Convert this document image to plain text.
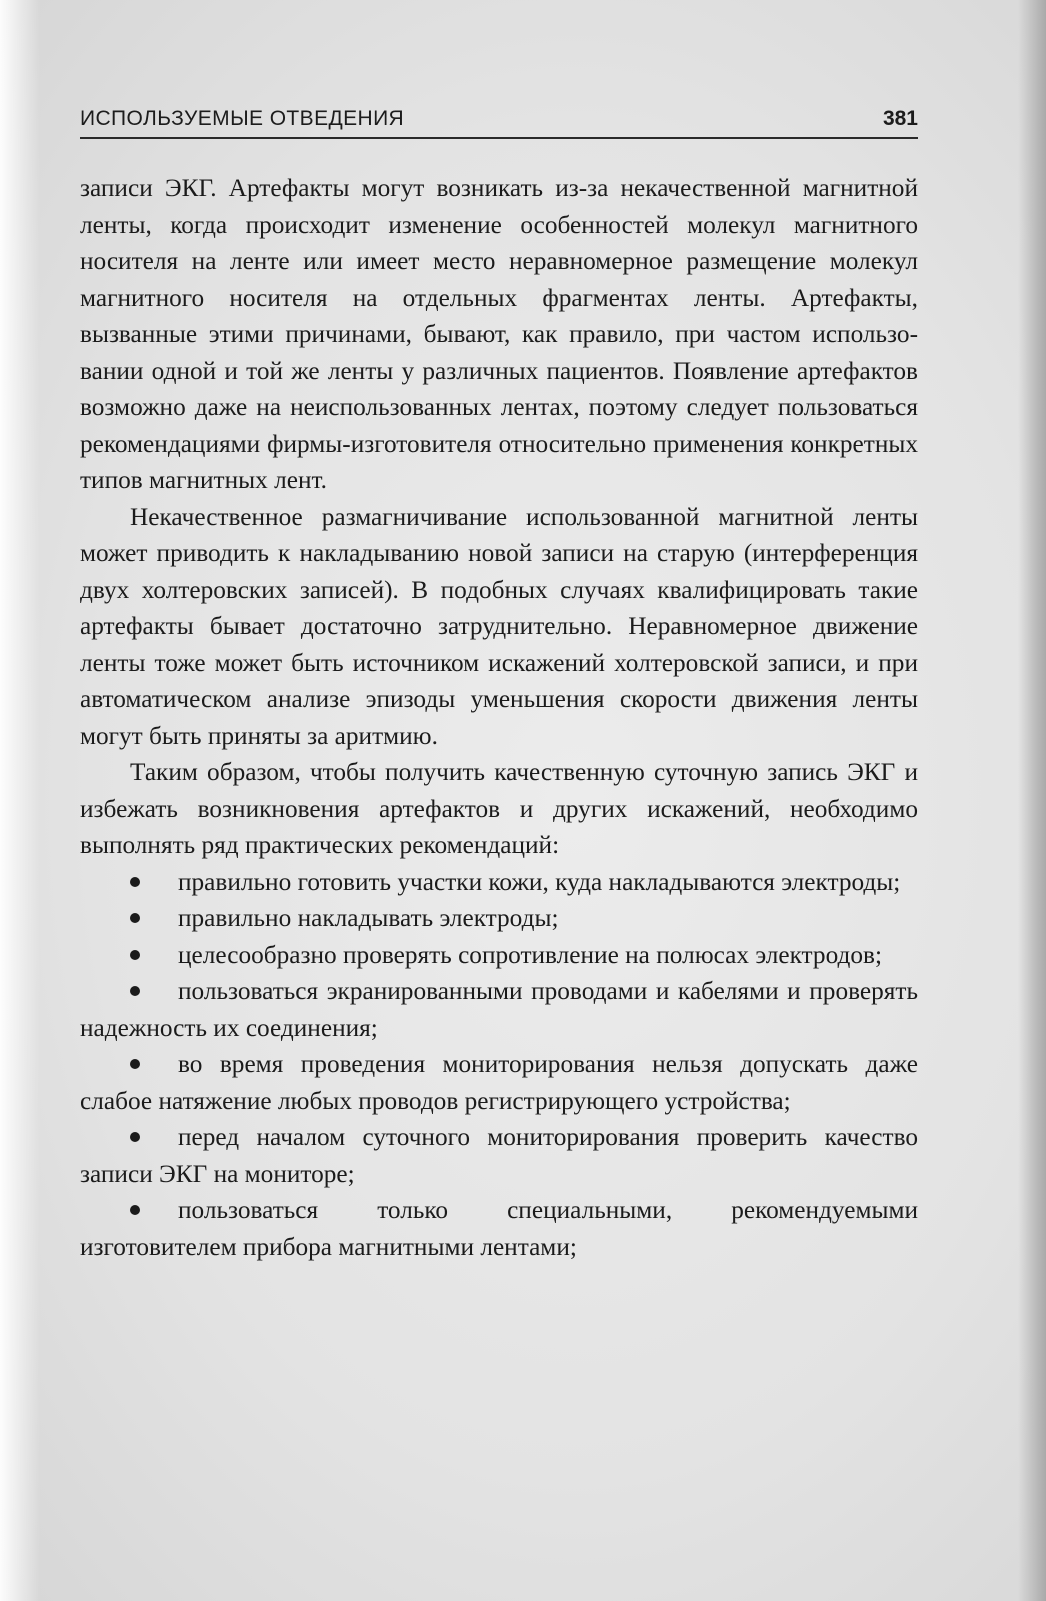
ИСПОЛЬЗУЕМЫЕ ОТВЕДЕНИЯ	381

записи ЭКГ. Артефакты могут возникать из-за некачественной магнитной ленты, когда происходит изменение особенностей молекул магнитного носителя на ленте или имеет место неравномерное размещение молекул магнитного носителя на отдельных фрагментах ленты. Артефакты, вызванные этими причинами, бывают, как правило, при частом использовании одной и той же ленты у различных пациентов. Появление артефактов возможно даже на неиспользованных лентах, поэтому следует пользоваться рекомендациями фирмы-изготовителя относительно применения конкретных типов магнитных лент.

Некачественное размагничивание использованной магнитной ленты может приводить к накладыванию новой записи на старую (интерференция двух холтеровских записей). В подобных случаях квалифицировать такие артефакты бывает достаточно затруднительно. Неравномерное движение ленты тоже может быть источником искажений холтеровской записи, и при автоматическом анализе эпизоды уменьшения скорости движения ленты могут быть приняты за аритмию.

Таким образом, чтобы получить качественную суточную запись ЭКГ и избежать возникновения артефактов и других искажений, необходимо выполнять ряд практических рекомендаций:

правильно готовить участки кожи, куда накладываются электроды;
правильно накладывать электроды;
целесообразно проверять сопротивление на полюсах электродов;
пользоваться экранированными проводами и кабелями и проверять надежность их соединения;
во время проведения мониторирования нельзя допускать даже слабое натяжение любых проводов регистрирующего устройства;
перед началом суточного мониторирования проверить качество записи ЭКГ на мониторе;
пользоваться только специальными, рекомендуемыми изготовителем прибора магнитными лентами;
